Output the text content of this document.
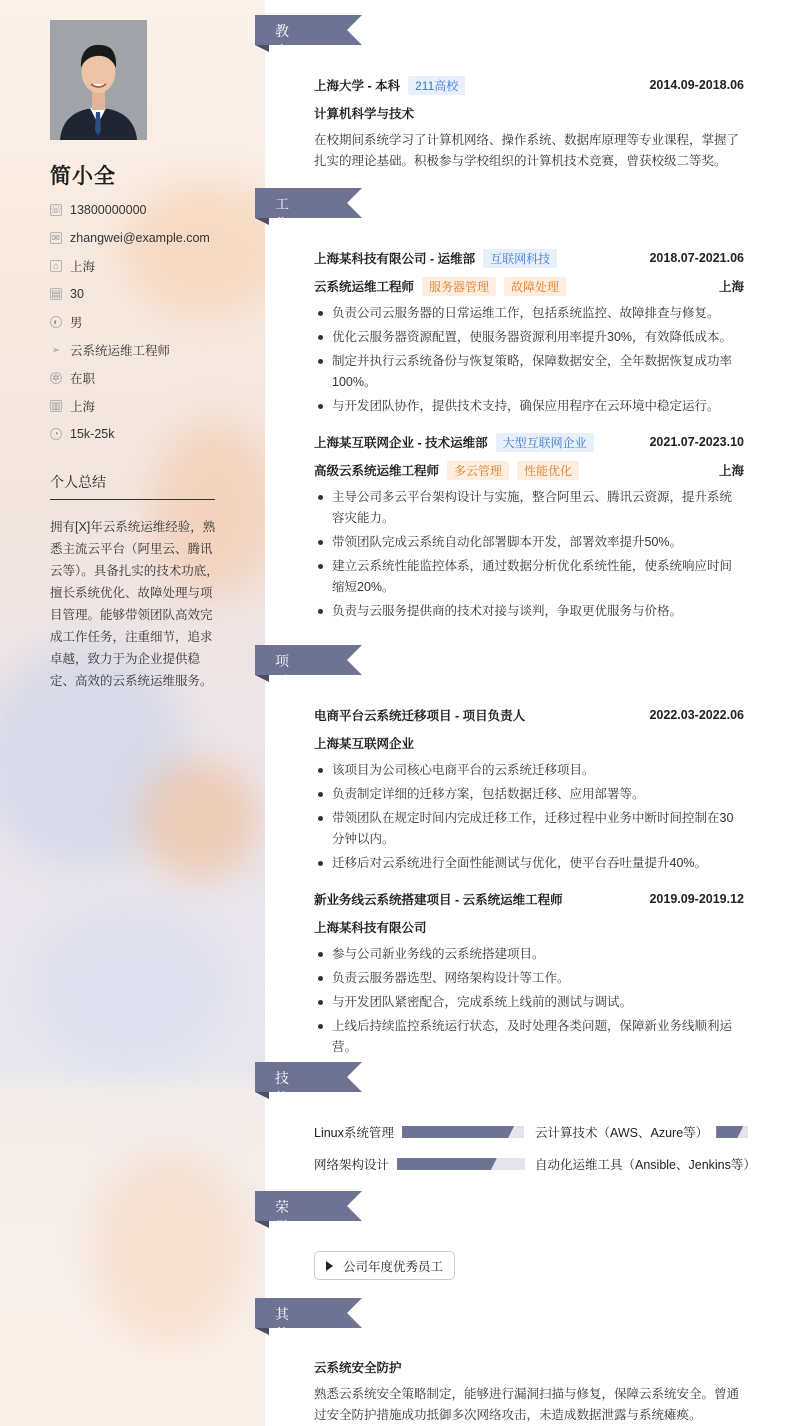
简小全
☏ 13800000000
✉ zhangwei@example.com
⌂ 上海
▤ 30
◐ 男
➢ 云系统运维工程师
✲ 在职
▥ 上海
◔ 15k-25k
个人总结
拥有[X]年云系统运维经验，熟悉主流云平台（阿里云、腾讯云等）。具备扎实的技术功底，擅长系统优化、故障处理与项目管理。能够带领团队高效完成工作任务，注重细节，追求卓越，致力于为企业提供稳定、高效的云系统运维服务。
教育经历 上海大学 - 本科	211高校	2014.09-2018.06
计算机科学与技术
在校期间系统学习了计算机网络、操作系统、数据库原理等专业课程，掌握了扎实的理论基础。积极参与学校组织的计算机技术竞赛，曾获校级二等奖。
工作经历 上海某科技有限公司 - 运维部	互联网科技	2018.07-2021.06
云系统运维工程师	服务器管理	故障处理	上海
负责公司云服务器的日常运维工作，包括系统监控、故障排查与修复。
优化云服务器资源配置，使服务器资源利用率提升30%，有效降低成本。
制定并执行云系统备份与恢复策略，保障数据安全，全年数据恢复成功率100%。
与开发团队协作，提供技术支持，确保应用程序在云环境中稳定运行。
上海某互联网企业 - 技术运维部	大型互联网企业	2021.07-2023.10
高级云系统运维工程师	多云管理	性能优化	上海
主导公司多云平台架构设计与实施，整合阿里云、腾讯云资源，提升系统容灾能力。
带领团队完成云系统自动化部署脚本开发，部署效率提升50%。
建立云系统性能监控体系，通过数据分析优化系统性能，使系统响应时间缩短20%。
负责与云服务提供商的技术对接与谈判，争取更优服务与价格。
项目经历 电商平台云系统迁移项目 - 项目负责人	2022.03-2022.06
上海某互联网企业
该项目为公司核心电商平台的云系统迁移项目。
负责制定详细的迁移方案，包括数据迁移、应用部署等。
带领团队在规定时间内完成迁移工作，迁移过程中业务中断时间控制在30分钟以内。
迁移后对云系统进行全面性能测试与优化，使平台吞吐量提升40%。
新业务线云系统搭建项目 - 云系统运维工程师	2019.09-2019.12
上海某科技有限公司
参与公司新业务线的云系统搭建项目。
负责云服务器选型、网络架构设计等工作。
与开发团队紧密配合，完成系统上线前的测试与调试。
上线后持续监控系统运行状态，及时处理各类问题，保障新业务线顺利运营。
技能专长 Linux系统管理	云计算技术（AWS、Azure等）
网络架构设计	自动化运维工具（Ansible、Jenkins等）
荣誉奖项	公司年度优秀员工
其他信息 云系统安全防护
熟悉云系统安全策略制定，能够进行漏洞扫描与修复，保障云系统安全。曾通过安全防护措施成功抵御多次网络攻击，未造成数据泄露与系统瘫痪。
